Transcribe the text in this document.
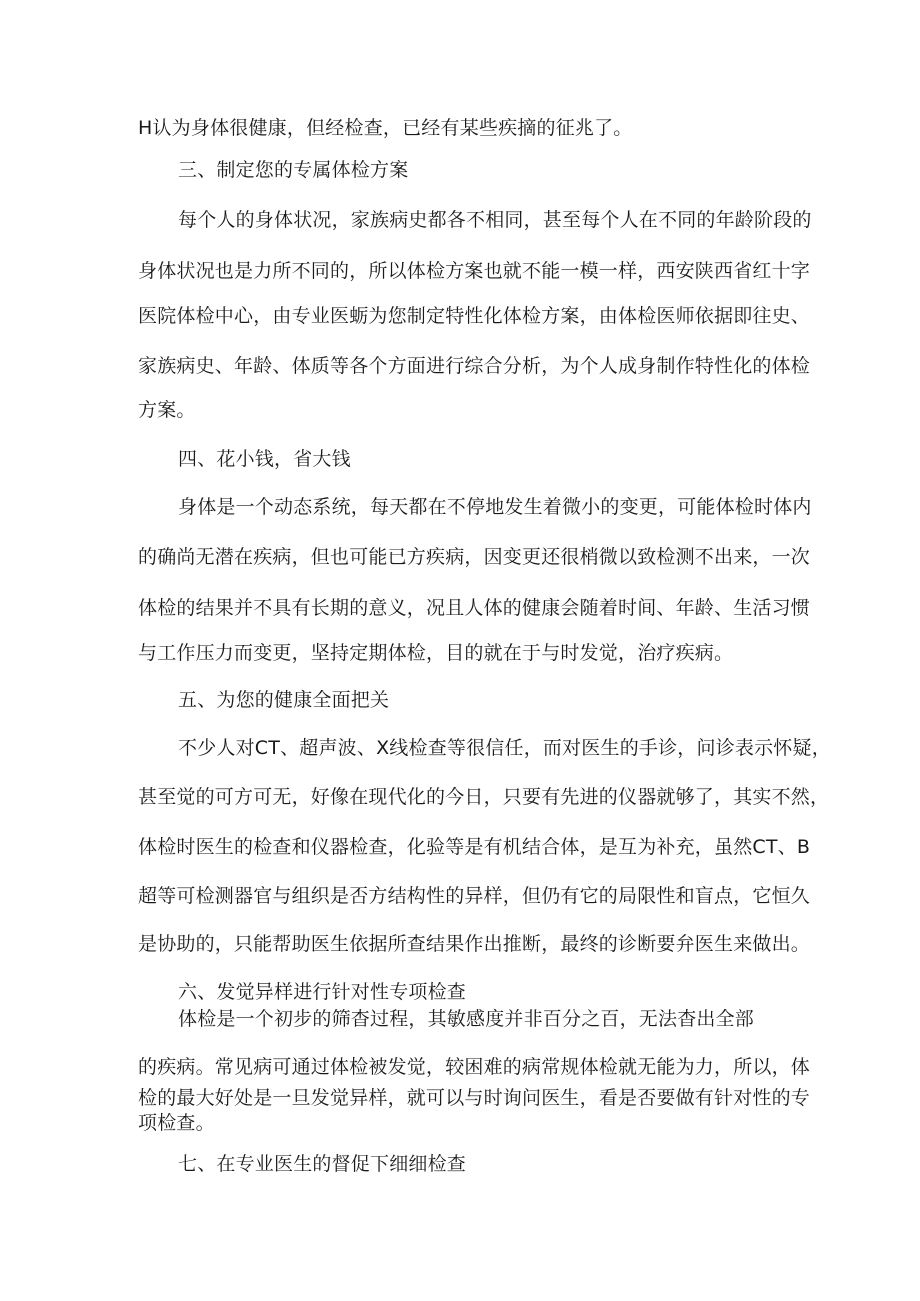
H认为身体很健康，但经检查，已经有某些疾摘的征兆了。
三、制定您的专属体检方案
每个人的身体状况，家族病史都各不相同，甚至每个人在不同的年龄阶段的
身体状况也是力所不同的，所以体检方案也就不能一模一样，西安陕西省红十字
医院体检中心，由专业医蛎为您制定特性化体检方案，由体检医师依据即往史、
家族病史、年龄、体质等各个方面进行综合分析，为个人成身制作特性化的体检
方案。
四、花小钱，省大钱
身体是一个动态系统，每天都在不停地发生着微小的变更，可能体检时体内
的确尚无潜在疾病，但也可能已方疾病，因变更还很梢微以致检测不出来，一次
体检的结果并不具有长期的意义，况且人体的健康会随着时间、年龄、生活习惯
与工作压力而变更，坚持定期体检，目的就在于与时发觉，治疗疾病。
五、为您的健康全面把关
不少人对CT、超声波、X线检查等很信任，而对医生的手诊，问诊表示怀疑，
甚至觉的可方可无，好像在现代化的今日，只要有先进的仪器就够了，其实不然，
体检时医生的检查和仪器检查，化验等是有机结合体，是互为补充，虽然CT、B
超等可检测器官与组织是否方结构性的异样，但仍有它的局限性和盲点，它恒久
是协助的，只能帮助医生依据所查结果作出推断，最终的诊断要弁医生来做出。
六、发觉异样进行针对性专项检查
体检是一个初步的筛杳过程，其敏感度并非百分之百，无法杳出全部
的疾病。常见病可通过体检被发觉，较困难的病常规体检就无能为力，所以，体
检的最大好处是一旦发觉异样，就可以与时询问医生，看是否要做有针对性的专
项检查。
七、在专业医生的督促下细细检查
